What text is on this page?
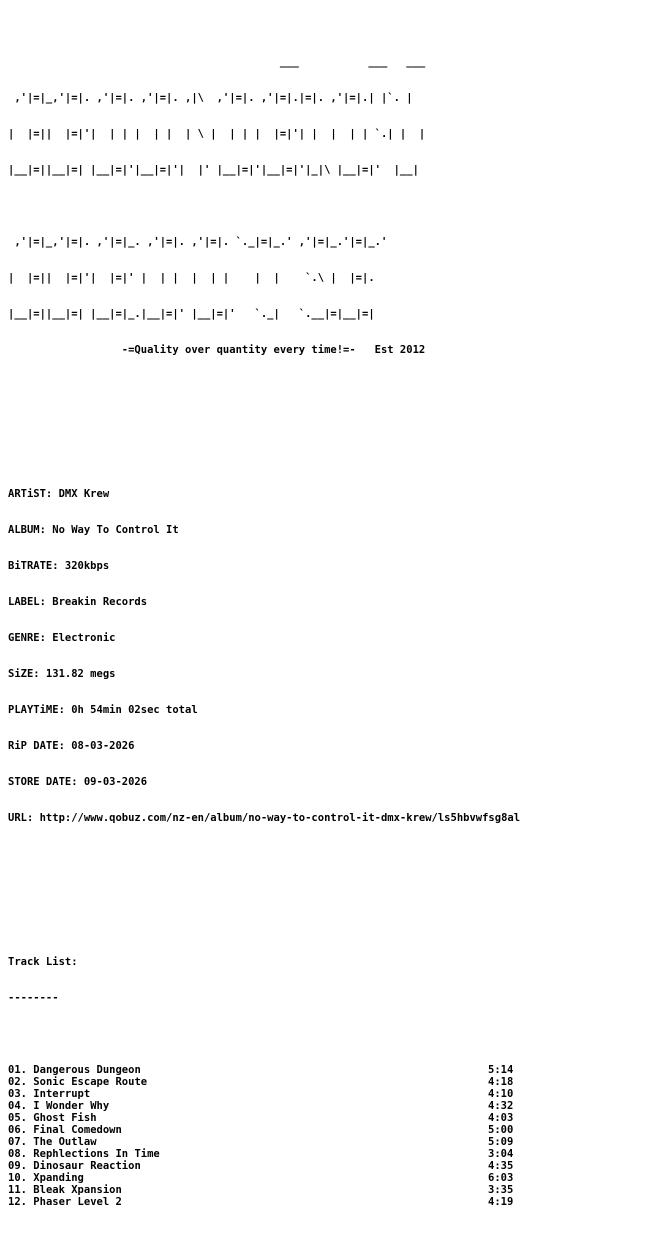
___           ___   ___

,'|=|_,'|=|. ,'|=|. ,'|=|. ,|\  ,'|=|. ,'|=|.|=|. ,'|=|.| |`. |

|  |=||  |=|'|  | | |  | |  | \ |  | | |  |=|'| |  |  | | `.| |  |

|__|=||__|=| |__|=|'|__|=|'|  |' |__|=|'|__|=|'|_|\ |__|=|'  |__|

,'|=|_,'|=|. ,'|=|_. ,'|=|. ,'|=|. `._|=|_.' ,'|=|_.'|=|_.'

|  |=||  |=|'|  |=|' |  | |  |  | |    |  |    `.\ |  |=|.

|__|=||__|=| |__|=|_.|__|=|' |__|=|'   `._|   `.__|=|__|=|

-=Quality over quantity every time!=-   Est 2012

ARTiST: DMX Krew

ALBUM: No Way To Control It

BiTRATE: 320kbps

LABEL: Breakin Records

GENRE: Electronic

SiZE: 131.82 megs

PLAYTiME: 0h 54min 02sec total

RiP DATE: 08-03-2026

STORE DATE: 09-03-2026

URL: http://www.qobuz.com/nz-en/album/no-way-to-control-it-dmx-krew/ls5hbvwfsg8al

Track List:

--------

01. Dangerous Dungeon	5:14
02. Sonic Escape Route	4:18
03. Interrupt	4:10
04. I Wonder Why	4:32
05. Ghost Fish	4:03
06. Final Comedown	5:00
07. The Outlaw	5:09
08. Rephlections In Time	3:04
09. Dinosaur Reaction	4:35
10. Xpanding	6:03
11. Bleak Xpansion	3:35
12. Phaser Level 2	4:19
